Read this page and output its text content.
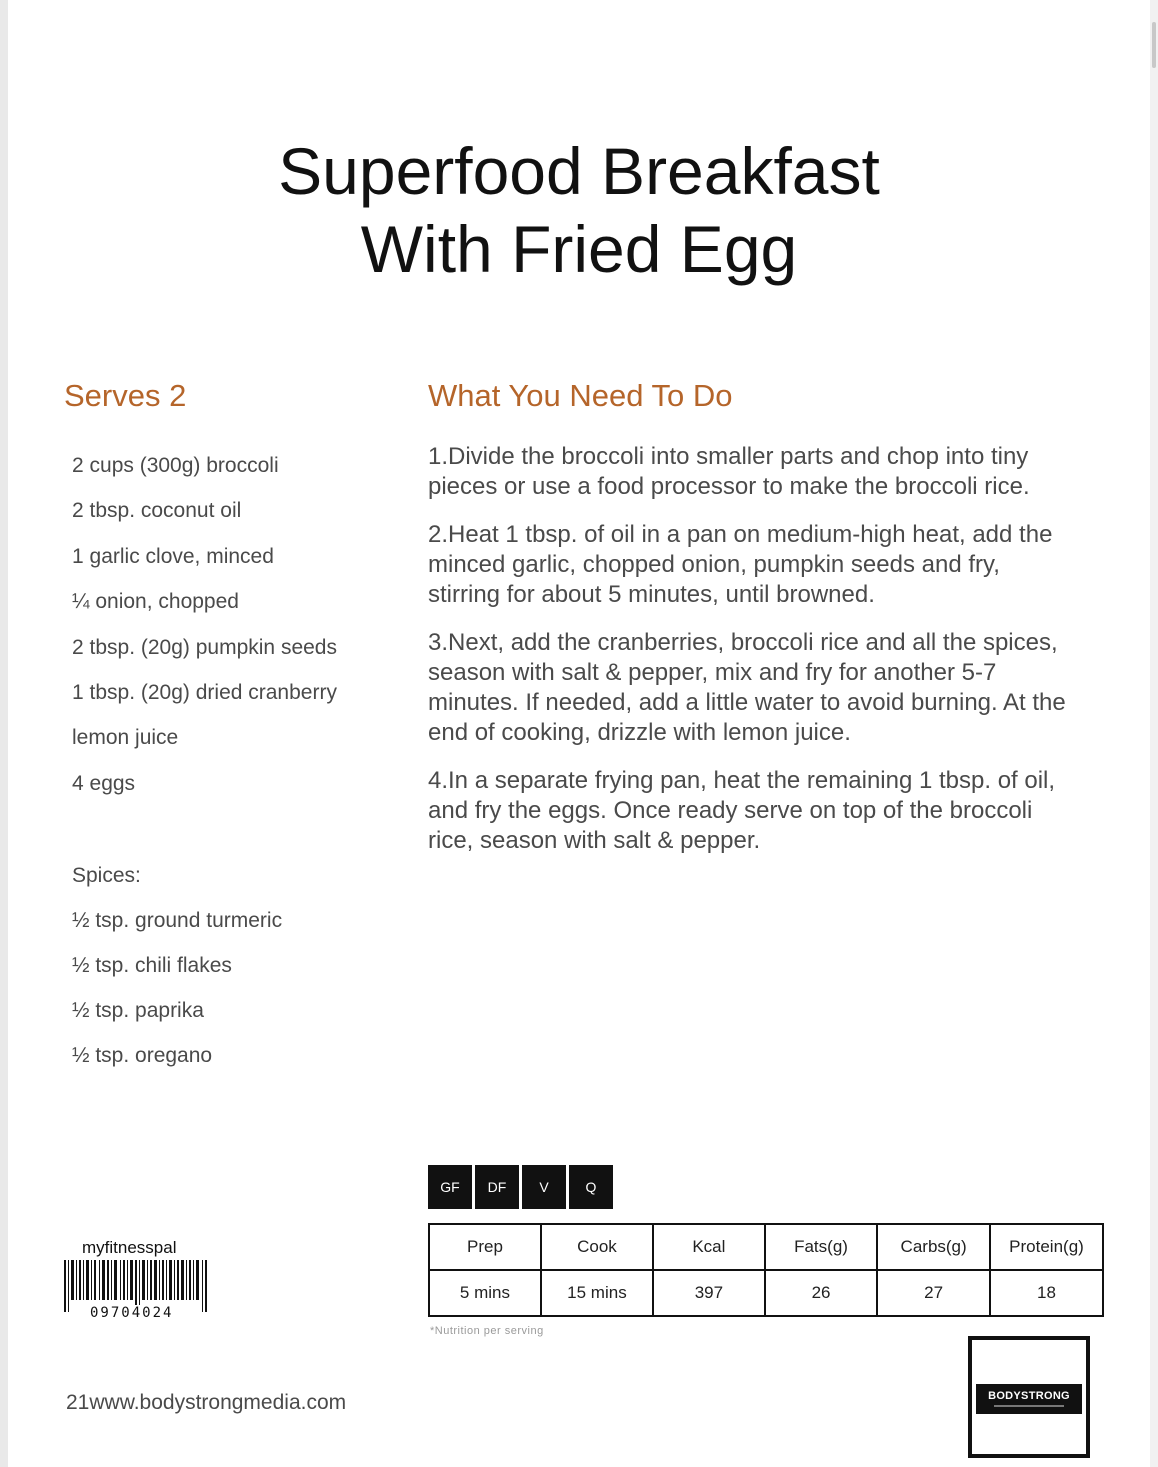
Superfood Breakfast
With Fried Egg
Serves 2	What You Need To Do
2 cups (300g) broccoli
2 tbsp. coconut oil
1 garlic clove, minced
¼ onion, chopped
2 tbsp. (20g) pumpkin seeds
1 tbsp. (20g) dried cranberry
lemon juice
4 eggs
Spices:
½ tsp. ground turmeric
½ tsp. chili flakes
½ tsp. paprika
½ tsp. oregano

1.Divide the broccoli into smaller parts and chop into tiny pieces or use a food processor to make the broccoli rice.

2.Heat 1 tbsp. of oil in a pan on medium-high heat, add the minced garlic, chopped onion, pumpkin seeds and fry, stirring for about 5 minutes, until browned.

3.Next, add the cranberries, broccoli rice and all the spices, season with salt & pepper, mix and fry for another 5-7 minutes. If needed, add a little water to avoid burning. At the end of cooking, drizzle with lemon juice.

4.In a separate frying pan, heat the remaining 1 tbsp. of oil, and fry the eggs. Once ready serve on top of the broccoli rice, season with salt & pepper.

GF	DF	V	Q
Prep	Cook	Kcal	Fats(g)	Carbs(g)	Protein(g)
5 mins	15 mins	397	26	27	18
*Nutrition per serving
myfitnesspal
09704024
21www.bodystrongmedia.com	BODYSTRONG
